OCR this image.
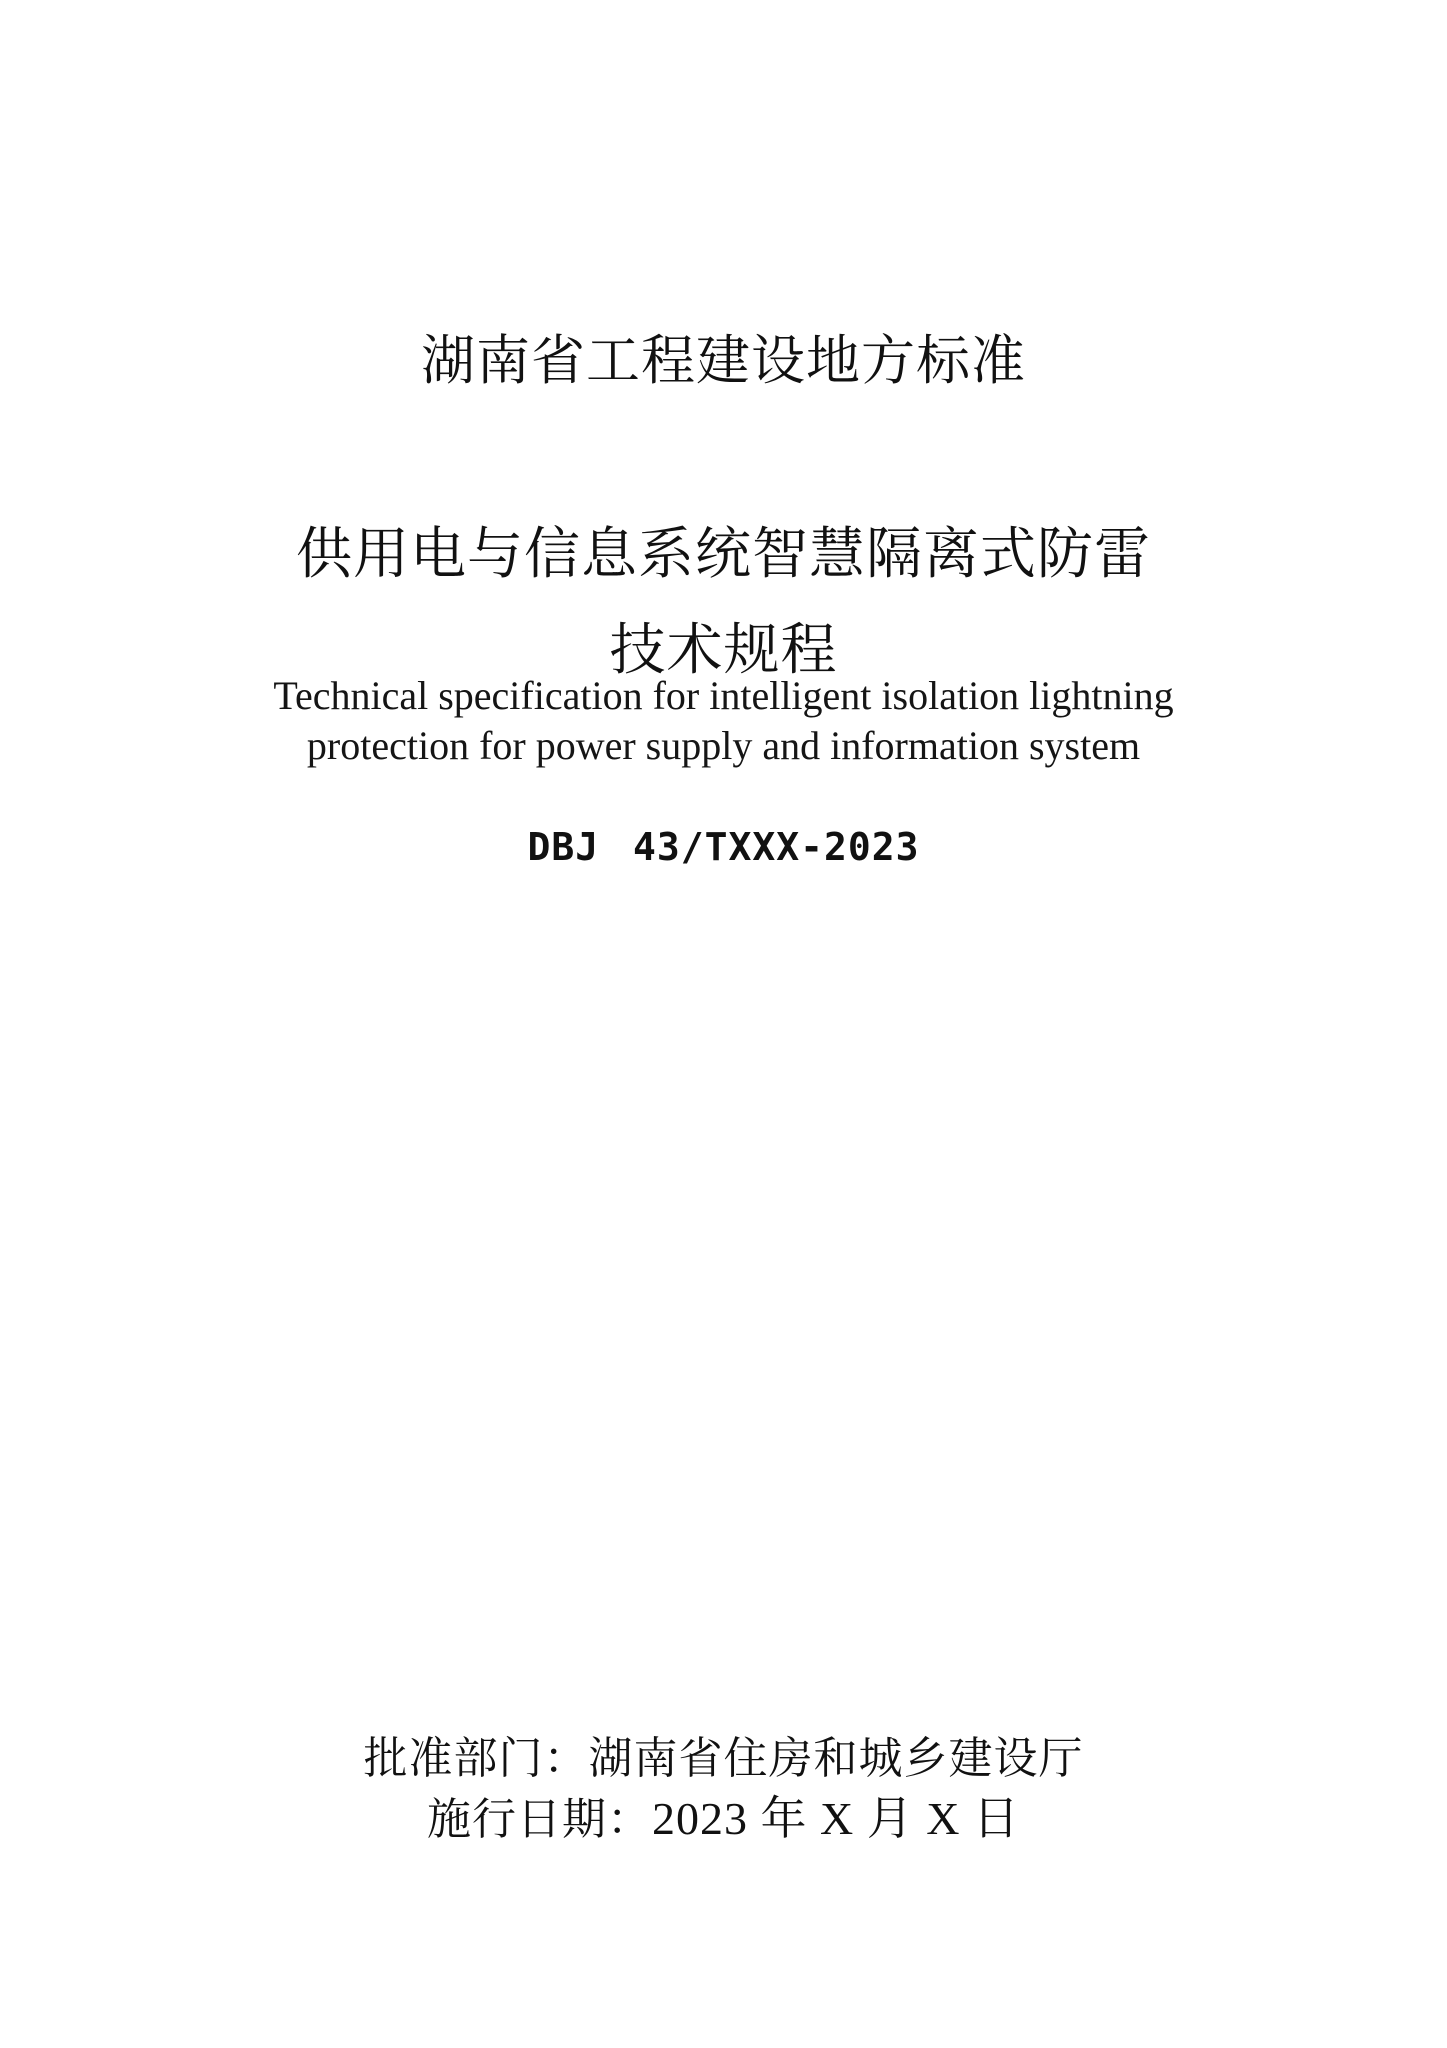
湖南省工程建设地方标准
供用电与信息系统智慧隔离式防雷
技术规程
Technical specification for intelligent isolation lightning
protection for power supply and information system
DBJ 43/TXXX-2023
批准部门：湖南省住房和城乡建设厅
施行日期：2023 年 X 月 X 日
